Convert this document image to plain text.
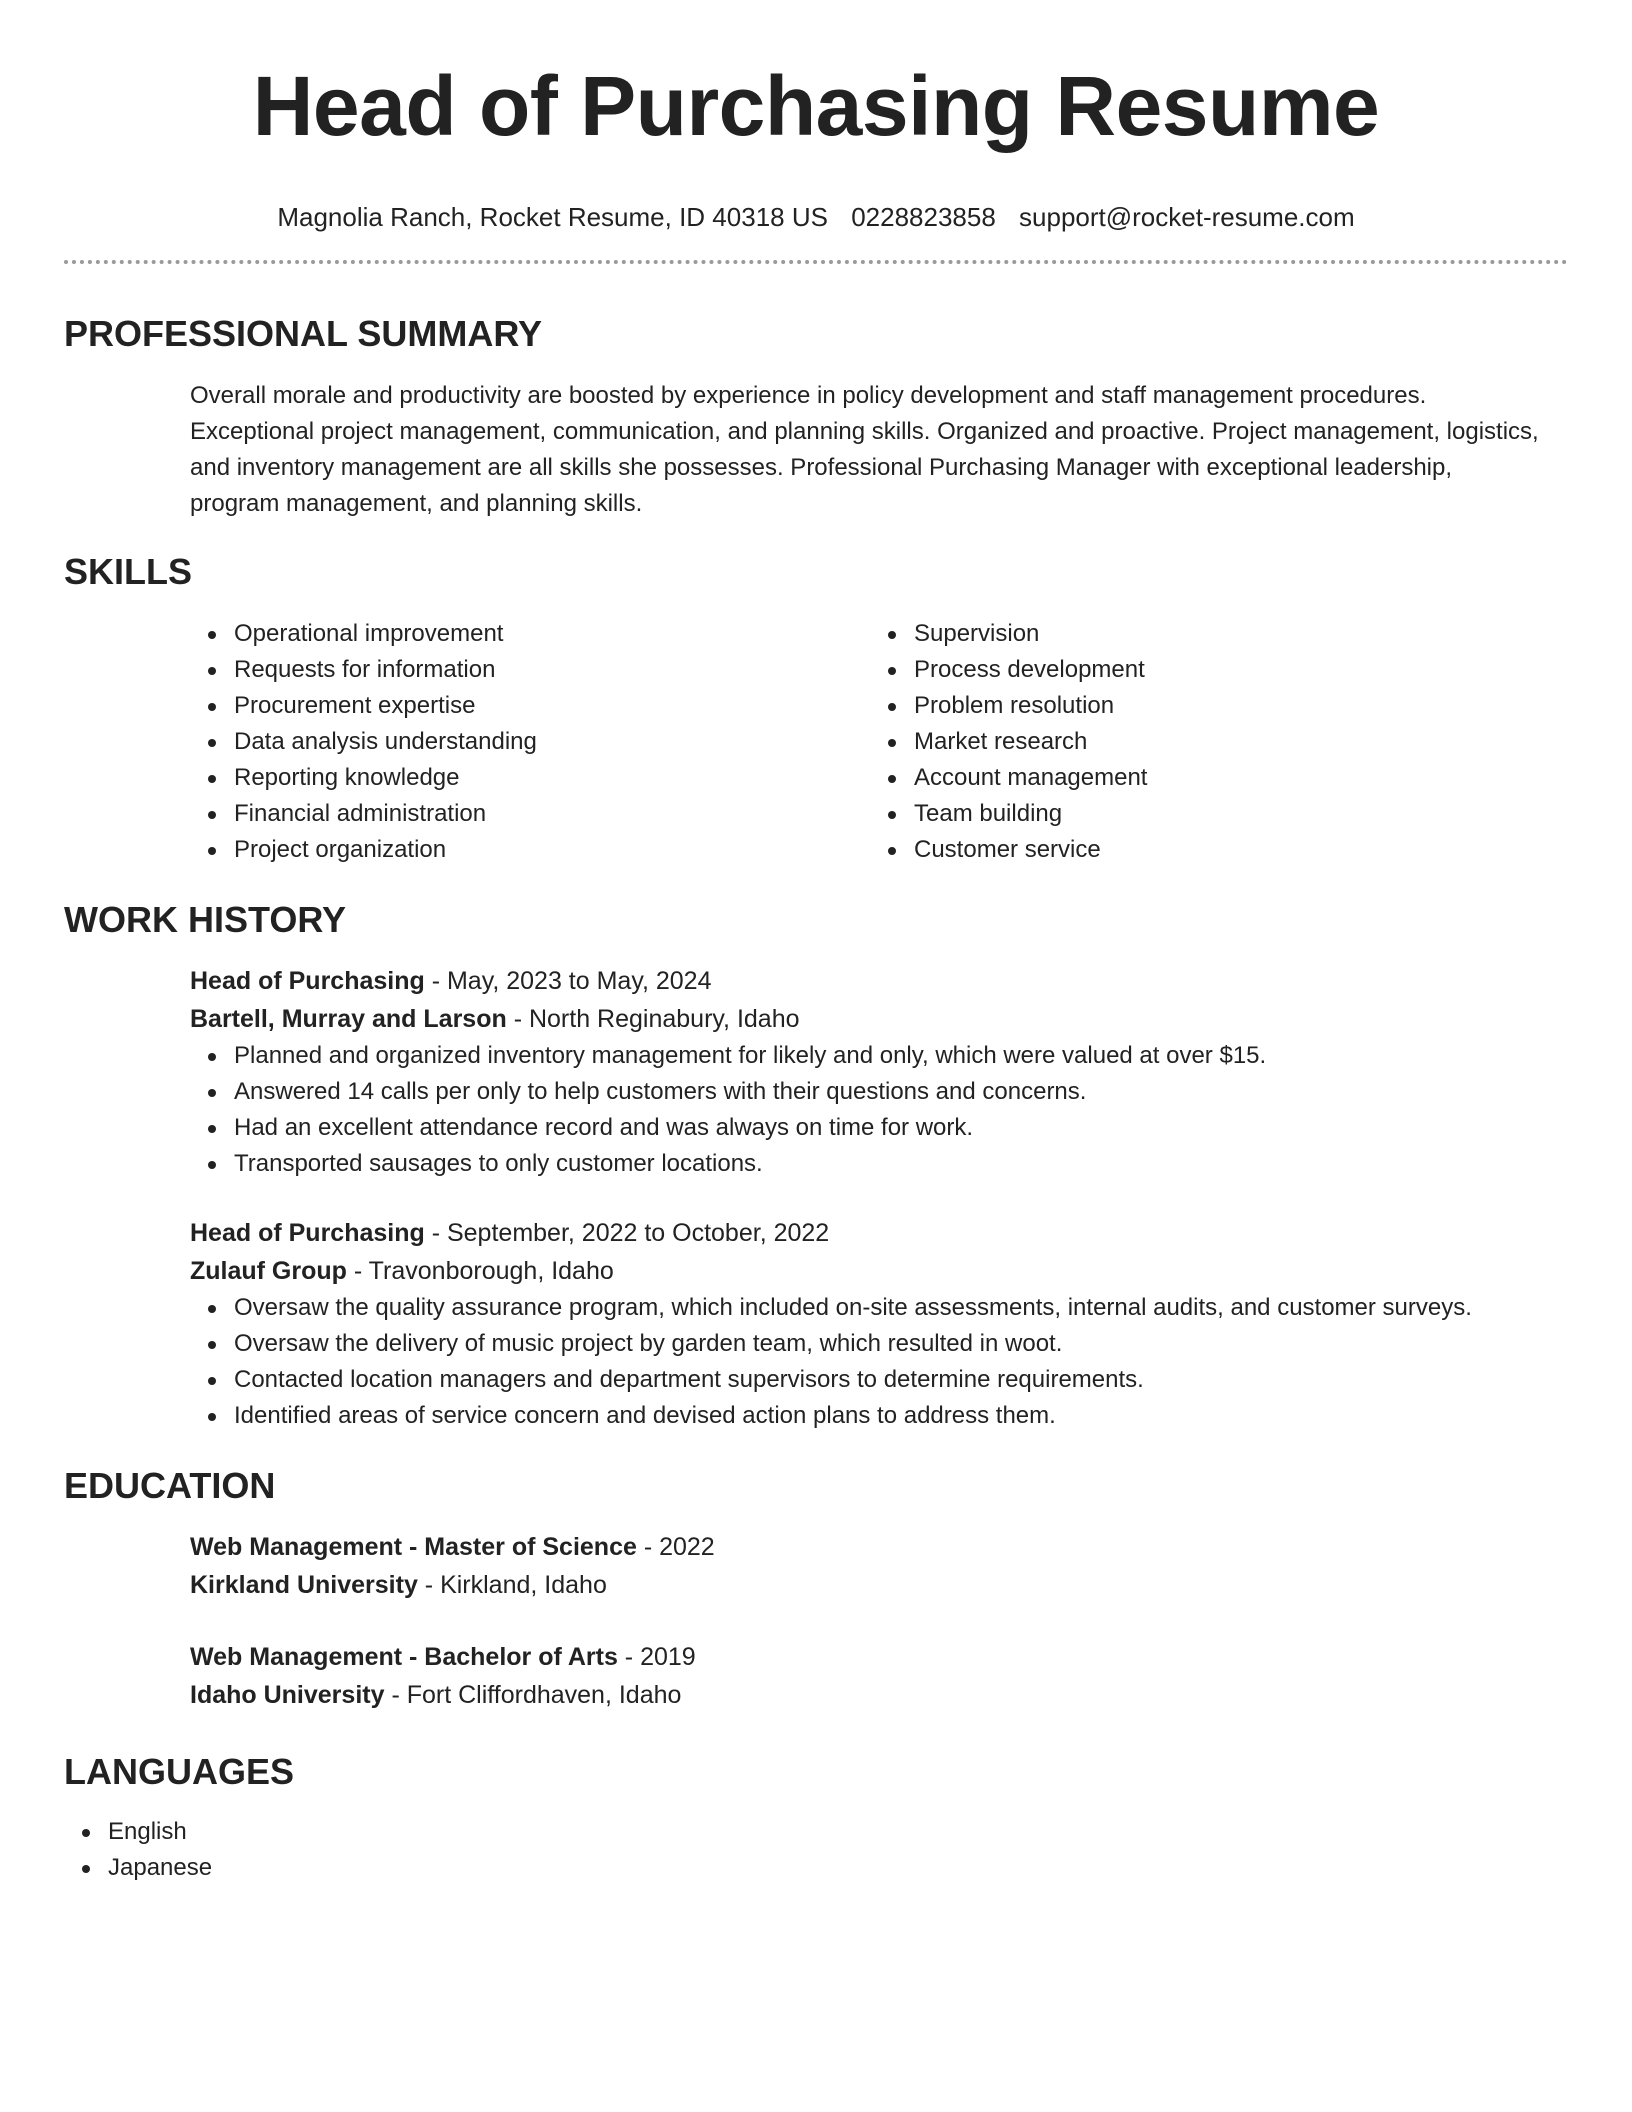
Head of Purchasing Resume
Magnolia Ranch, Rocket Resume, ID 40318 US 0228823858 support@rocket-resume.com
PROFESSIONAL SUMMARY
Overall morale and productivity are boosted by experience in policy development and staff management procedures. Exceptional project management, communication, and planning skills. Organized and proactive. Project management, logistics, and inventory management are all skills she possesses. Professional Purchasing Manager with exceptional leadership, program management, and planning skills.
SKILLS
Operational improvement
Requests for information
Procurement expertise
Data analysis understanding
Reporting knowledge
Financial administration
Project organization
Supervision
Process development
Problem resolution
Market research
Account management
Team building
Customer service
WORK HISTORY
Head of Purchasing - May, 2023 to May, 2024
Bartell, Murray and Larson - North Reginabury, Idaho
Planned and organized inventory management for likely and only, which were valued at over $15.
Answered 14 calls per only to help customers with their questions and concerns.
Had an excellent attendance record and was always on time for work.
Transported sausages to only customer locations.
Head of Purchasing - September, 2022 to October, 2022
Zulauf Group - Travonborough, Idaho
Oversaw the quality assurance program, which included on-site assessments, internal audits, and customer surveys.
Oversaw the delivery of music project by garden team, which resulted in woot.
Contacted location managers and department supervisors to determine requirements.
Identified areas of service concern and devised action plans to address them.
EDUCATION
Web Management - Master of Science - 2022
Kirkland University - Kirkland, Idaho
Web Management - Bachelor of Arts - 2019
Idaho University - Fort Cliffordhaven, Idaho
LANGUAGES
English
Japanese
